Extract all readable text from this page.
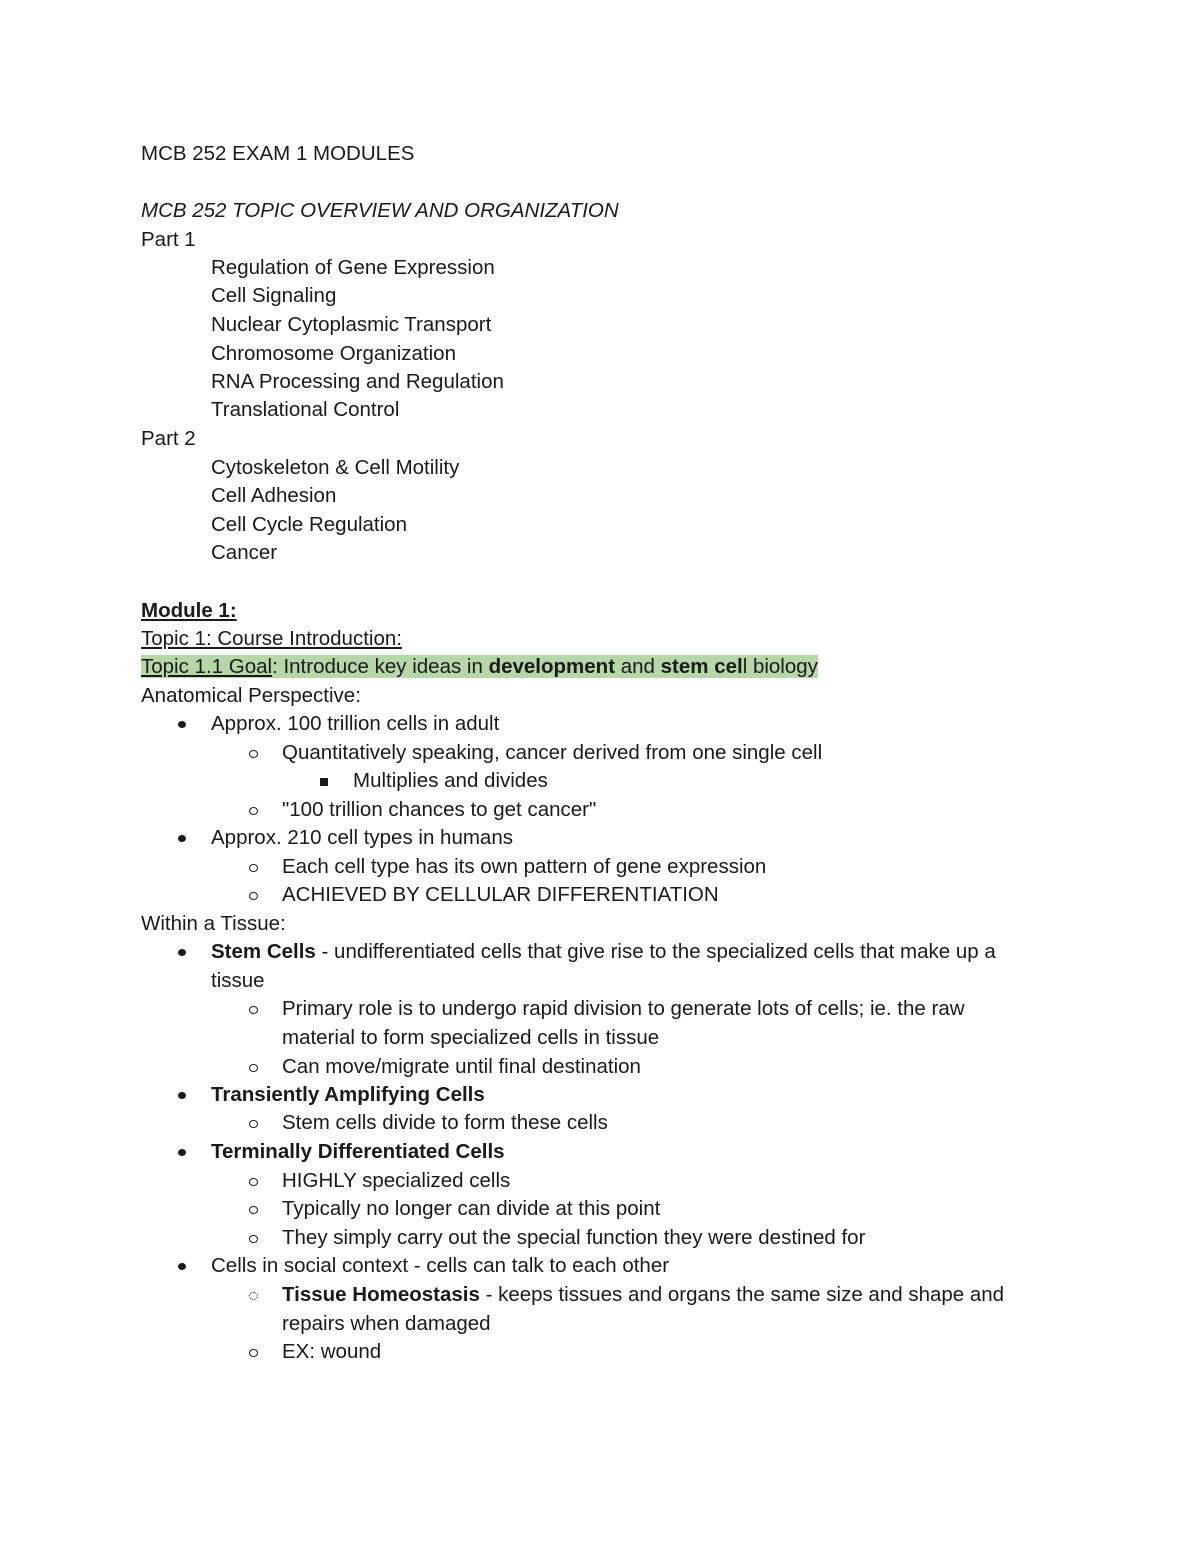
MCB 252 EXAM 1 MODULES
MCB 252 TOPIC OVERVIEW AND ORGANIZATION
Part 1
Regulation of Gene Expression
Cell Signaling
Nuclear Cytoplasmic Transport
Chromosome Organization
RNA Processing and Regulation
Translational Control
Part 2
Cytoskeleton & Cell Motility
Cell Adhesion
Cell Cycle Regulation
Cancer
Module 1:
Topic 1: Course Introduction:
Topic 1.1 Goal: Introduce key ideas in development and stem cell biology
Anatomical Perspective:
Approx. 100 trillion cells in adult
Quantitatively speaking, cancer derived from one single cell
Multiplies and divides
"100 trillion chances to get cancer"
Approx. 210 cell types in humans
Each cell type has its own pattern of gene expression
ACHIEVED BY CELLULAR DIFFERENTIATION
Within a Tissue:
Stem Cells - undifferentiated cells that give rise to the specialized cells that make up a
tissue
Primary role is to undergo rapid division to generate lots of cells; ie. the raw
material to form specialized cells in tissue
Can move/migrate until final destination
Transiently Amplifying Cells
Stem cells divide to form these cells
Terminally Differentiated Cells
HIGHLY specialized cells
Typically no longer can divide at this point
They simply carry out the special function they were destined for
Cells in social context - cells can talk to each other
Tissue Homeostasis - keeps tissues and organs the same size and shape and
repairs when damaged
EX: wound
